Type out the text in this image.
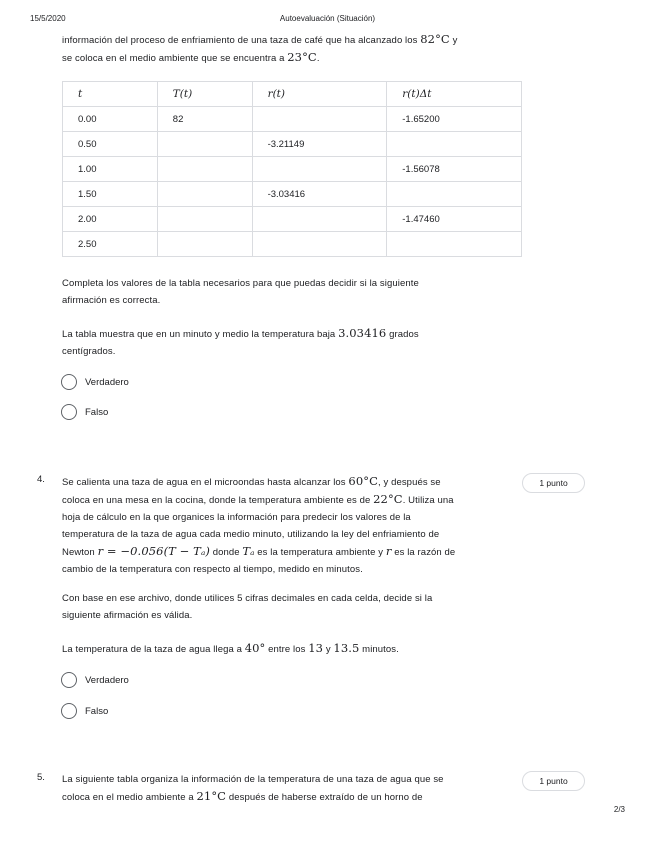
15/5/2020	Autoevaluación (Situación)
información del proceso de enfriamiento de una taza de café que ha alcanzado los 82°C y
se coloca en el medio ambiente que se encuentra a 23°C.
t	T(t)	r(t)	r(t)Δt
0.00	82		-1.65200
0.50		-3.21149	
1.00			-1.56078
1.50		-3.03416	
2.00			-1.47460
2.50			
Completa los valores de la tabla necesarios para que puedas decidir si la siguiente
afirmación es correcta.
La tabla muestra que en un minuto y medio la temperatura baja 3.03416 grados
centígrados.
Verdadero
Falso
4.	1 punto
Se calienta una taza de agua en el microondas hasta alcanzar los 60°C, y después se
coloca en una mesa en la cocina, donde la temperatura ambiente es de 22°C. Utiliza una
hoja de cálculo en la que organices la información para predecir los valores de la
temperatura de la taza de agua cada medio minuto, utilizando la ley del enfriamiento de
Newton r = −0.056(T − Tₐ) donde Tₐ es la temperatura ambiente y r es la razón de
cambio de la temperatura con respecto al tiempo, medido en minutos.
Con base en ese archivo, donde utilices 5 cifras decimales en cada celda, decide si la
siguiente afirmación es válida.
La temperatura de la taza de agua llega a 40° entre los 13 y 13.5 minutos.
Verdadero
Falso
5.	1 punto
La siguiente tabla organiza la información de la temperatura de una taza de agua que se
coloca en el medio ambiente a 21°C después de haberse extraído de un horno de
2/3
